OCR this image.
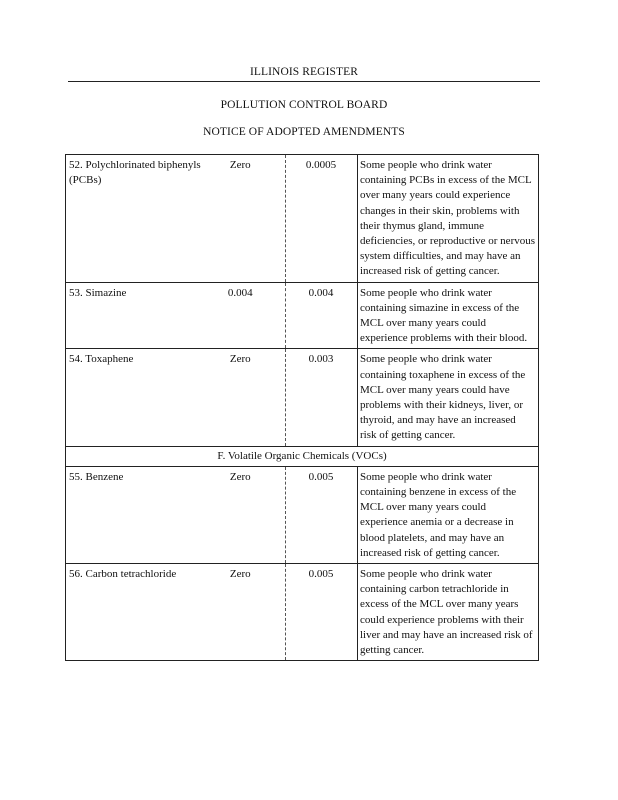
ILLINOIS REGISTER
POLLUTION CONTROL BOARD
NOTICE OF ADOPTED AMENDMENTS
52. Polychlorinated biphenyls (PCBs)	Zero	0.0005	Some people who drink water containing PCBs in excess of the MCL over many years could experience changes in their skin, problems with their thymus gland, immune deficiencies, or reproductive or nervous system difficulties, and may have an increased risk of getting cancer.
53. Simazine	0.004	0.004	Some people who drink water containing simazine in excess of the MCL over many years could experience problems with their blood.
54. Toxaphene	Zero	0.003	Some people who drink water containing toxaphene in excess of the MCL over many years could have problems with their kidneys, liver, or thyroid, and may have an increased risk of getting cancer.
F. Volatile Organic Chemicals (VOCs)			
55. Benzene	Zero	0.005	Some people who drink water containing benzene in excess of the MCL over many years could experience anemia or a decrease in blood platelets, and may have an increased risk of getting cancer.
56. Carbon tetrachloride	Zero	0.005	Some people who drink water containing carbon tetrachloride in excess of the MCL over many years could experience problems with their liver and may have an increased risk of getting cancer.
